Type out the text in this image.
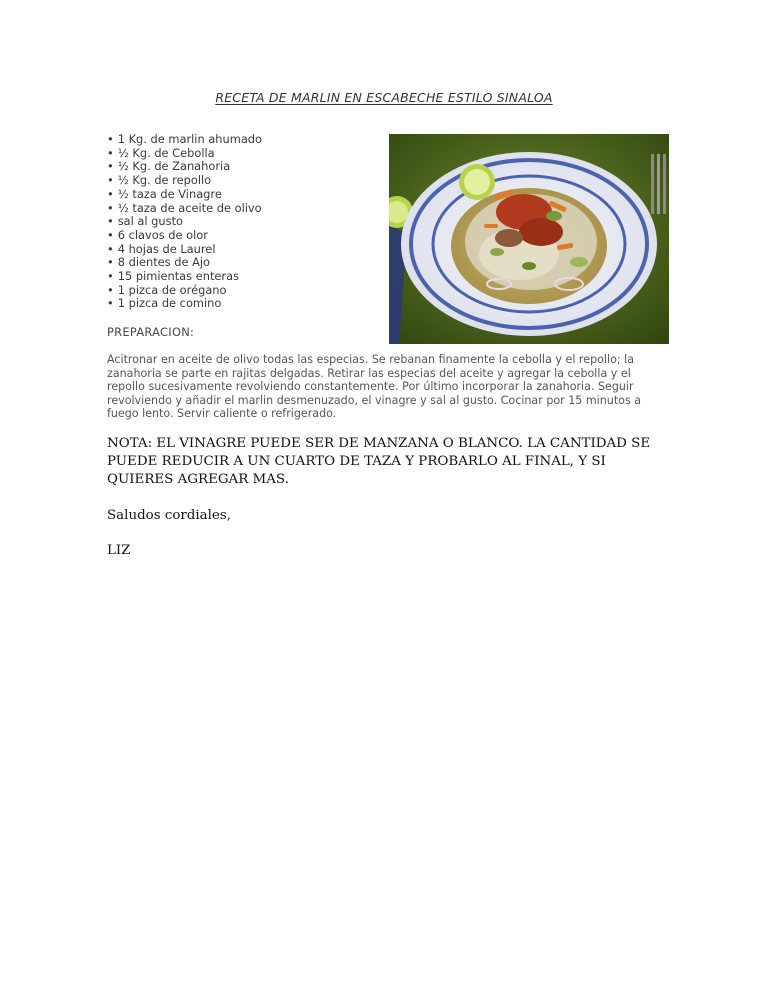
RECETA DE MARLIN EN ESCABECHE ESTILO SINALOA
• 1 Kg. de marlin ahumado
• ½ Kg. de Cebolla
• ½ Kg. de Zanahoria
• ½ Kg. de repollo
• ½ taza de Vinagre
• ½ taza de aceite de olivo
• sal al gusto
• 6 clavos de olor
• 4 hojas de Laurel
• 8 dientes de Ajo
• 15 pimientas enteras
• 1 pizca de orégano
• 1 pizca de comino
PREPARACION:

Acitronar en aceite de olivo todas las especias. Se rebanan finamente la cebolla y el repollo; la zanahoria se parte en rajitas delgadas. Retirar las especias del aceite y agregar la cebolla y el repollo sucesivamente revolviendo constantemente. Por último incorporar la zanahoria. Seguir revolviendo y añadir el marlin desmenuzado, el vinagre y sal al gusto. Cocinar por 15 minutos a fuego lento. Servir caliente o refrigerado.

NOTA: EL VINAGRE PUEDE SER DE MANZANA O BLANCO. LA CANTIDAD SE PUEDE REDUCIR A UN CUARTO DE TAZA Y PROBARLO AL FINAL, Y SI QUIERES AGREGAR MAS.

Saludos cordiales,
LIZ
